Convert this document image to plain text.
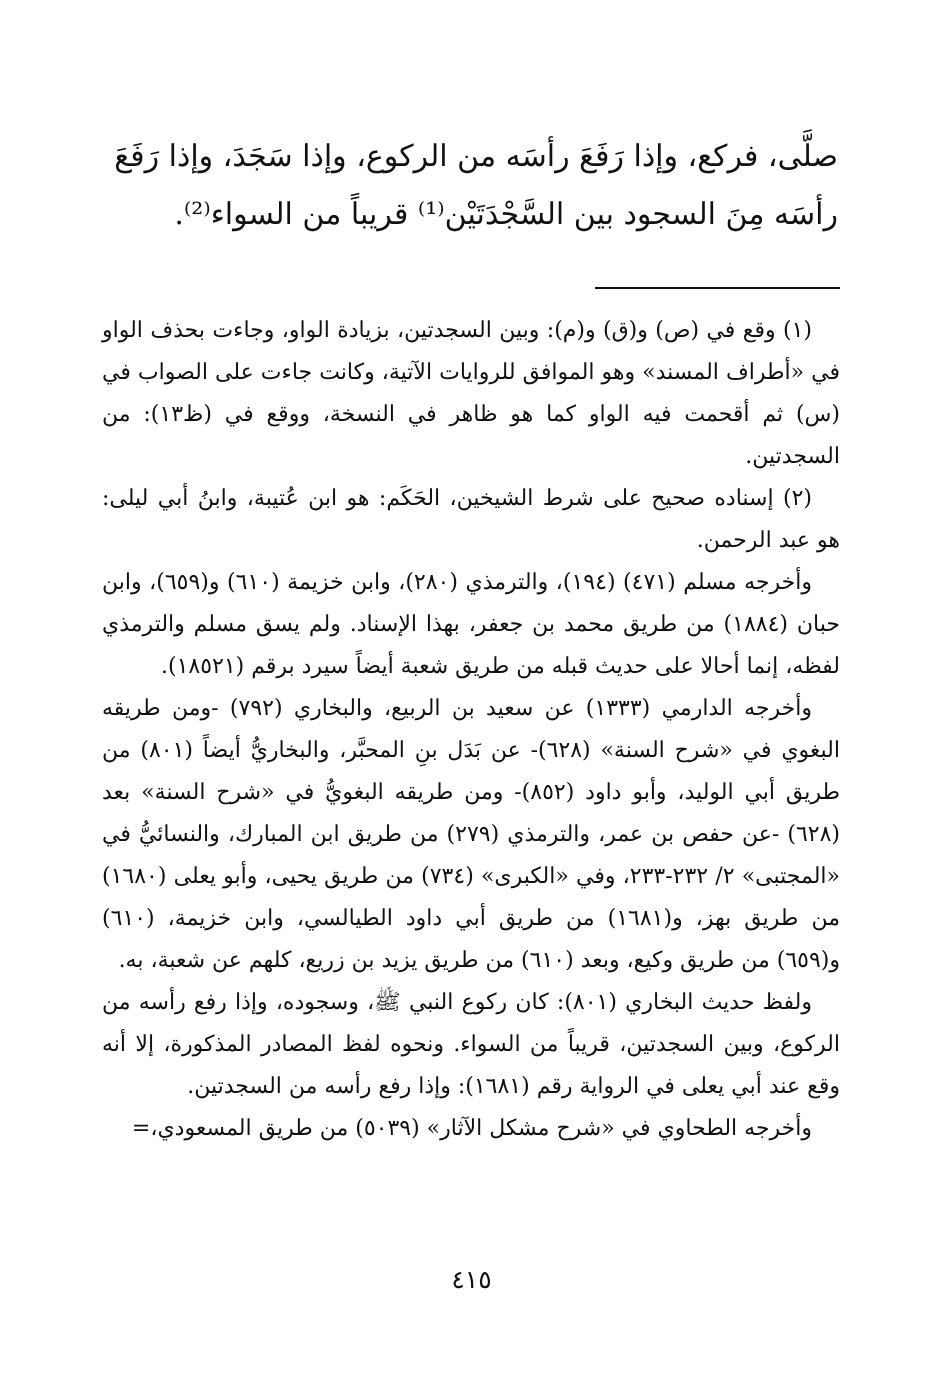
صلَّى، فركع، وإذا رَفَعَ رأسَه من الركوع، وإذا سَجَدَ، وإذا رَفَعَ

رأسَه مِنَ السجود بين السَّجْدَتَيْن⁽¹⁾ قريباً من السواء⁽²⁾.

(١) وقع في (ص) و(ق) و(م): وبين السجدتين، بزيادة الواو، وجاءت بحذف الواو في «أطراف المسند» وهو الموافق للروايات الآتية، وكانت جاءت على الصواب في (س) ثم أقحمت فيه الواو كما هو ظاهر في النسخة، ووقع في (ظ١٣): من السجدتين.

(٢) إسناده صحيح على شرط الشيخين، الحَكَم: هو ابن عُتيبة، وابنُ أبي ليلى: هو عبد الرحمن.

وأخرجه مسلم (٤٧١) (١٩٤)، والترمذي (٢٨٠)، وابن خزيمة (٦١٠) و(٦٥٩)، وابن حبان (١٨٨٤) من طريق محمد بن جعفر، بهذا الإسناد. ولم يسق مسلم والترمذي لفظه، إنما أحالا على حديث قبله من طريق شعبة أيضاً سيرد برقم (١٨٥٢١).

وأخرجه الدارمي (١٣٣٣) عن سعيد بن الربيع، والبخاري (٧٩٢) -ومن طريقه البغوي في «شرح السنة» (٦٢٨)- عن بَدَل بنِ المحبَّر، والبخاريُّ أيضاً (٨٠١) من طريق أبي الوليد، وأبو داود (٨٥٢)- ومن طريقه البغويُّ في «شرح السنة» بعد (٦٢٨) -عن حفص بن عمر، والترمذي (٢٧٩) من طريق ابن المبارك، والنسائيُّ في «المجتبى» ٢/ ٢٣٢-٢٣٣، وفي «الكبرى» (٧٣٤) من طريق يحيى، وأبو يعلى (١٦٨٠) من طريق بهز، و(١٦٨١) من طريق أبي داود الطيالسي، وابن خزيمة، (٦١٠) و(٦٥٩) من طريق وكيع، وبعد (٦١٠) من طريق يزيد بن زريع، كلهم عن شعبة، به.

ولفظ حديث البخاري (٨٠١): كان ركوع النبي ﷺ، وسجوده، وإذا رفع رأسه من الركوع، وبين السجدتين، قريباً من السواء. ونحوه لفظ المصادر المذكورة، إلا أنه وقع عند أبي يعلى في الرواية رقم (١٦٨١): وإذا رفع رأسه من السجدتين.

وأخرجه الطحاوي في «شرح مشكل الآثار» (٥٠٣٩) من طريق المسعودي،=

٤١٥
